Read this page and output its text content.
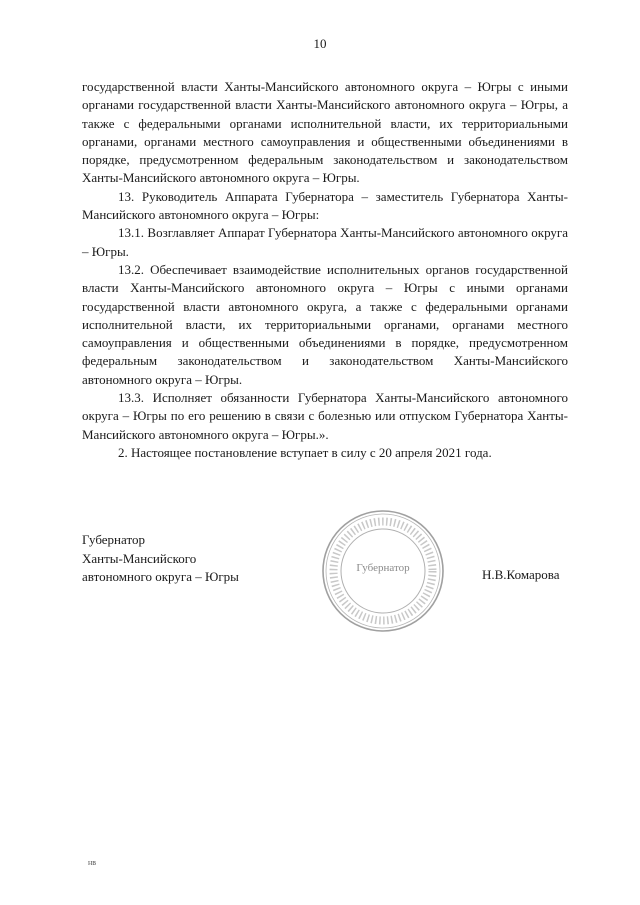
10

государственной власти Ханты-Мансийского автономного округа – Югры с иными органами государственной власти Ханты-Мансийского автономного округа – Югры, а также с федеральными органами исполнительной власти, их территориальными органами, органами местного самоуправления и общественными объединениями в порядке, предусмотренном федеральным законодательством и законодательством Ханты-Мансийского автономного округа – Югры.

13. Руководитель Аппарата Губернатора – заместитель Губернатора Ханты-Мансийского автономного округа – Югры:

13.1. Возглавляет Аппарат Губернатора Ханты-Мансийского автономного округа – Югры.

13.2. Обеспечивает взаимодействие исполнительных органов государственной власти Ханты-Мансийского автономного округа – Югры с иными органами государственной власти автономного округа, а также с федеральными органами исполнительной власти, их территориальными органами, органами местного самоуправления и общественными объединениями в порядке, предусмотренном федеральным законодательством и законодательством Ханты-Мансийского автономного округа – Югры.

13.3. Исполняет обязанности Губернатора Ханты-Мансийского автономного округа – Югры по его решению в связи с болезнью или отпуском Губернатора Ханты-Мансийского автономного округа – Югры.».

2. Настоящее постановление вступает в силу с 20 апреля 2021 года.

Губернатор
Ханты-Мансийского
автономного округа – Югры
Губернатор	Н.В.Комарова
нв
